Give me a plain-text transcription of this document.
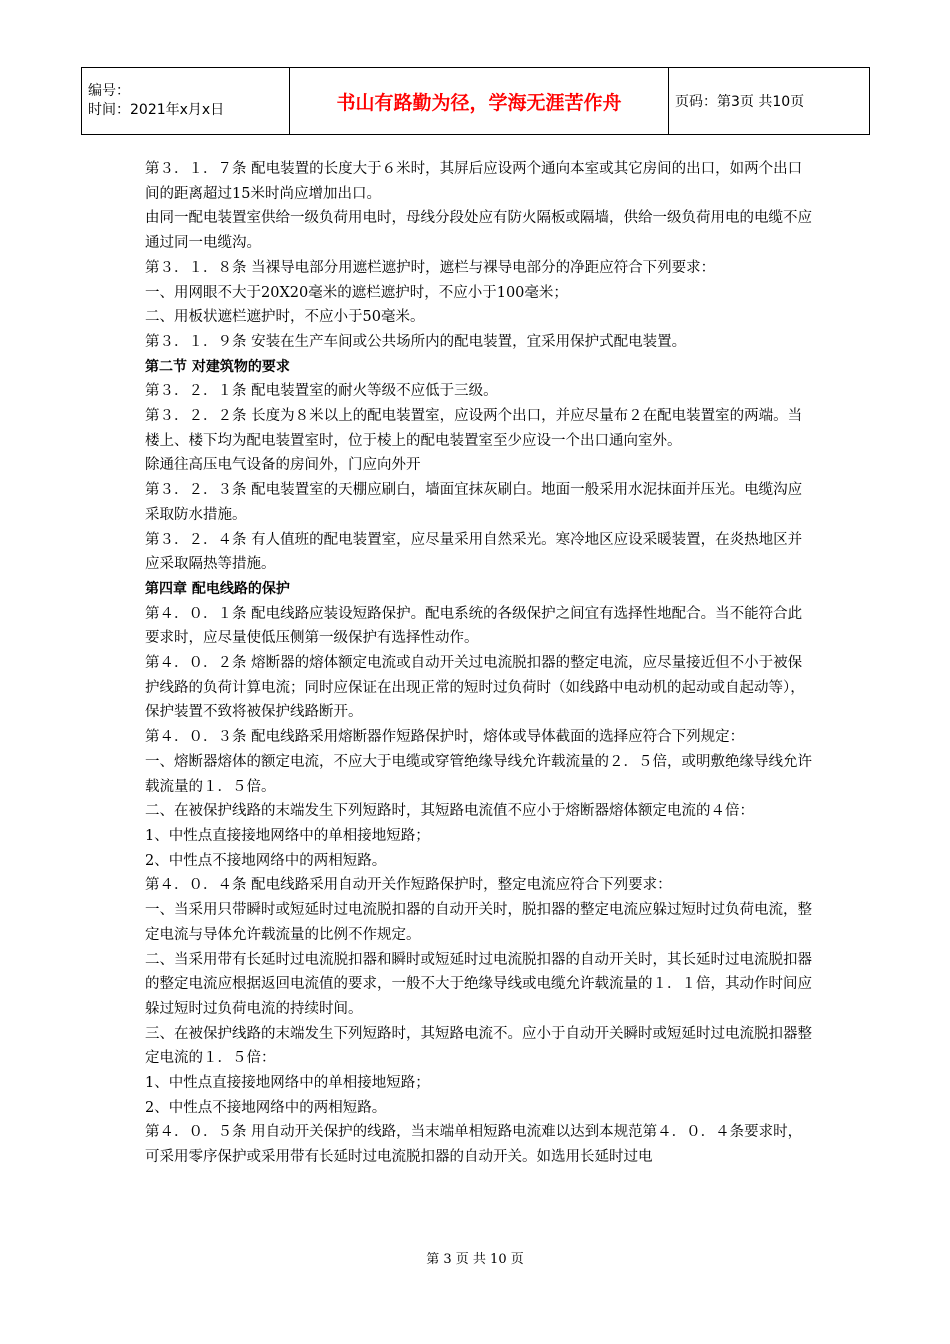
编号：
时间：2021年x月x日	书山有路勤为径，学海无涯苦作舟	页码：第3页 共10页

第３．１．７条 配电装置的长度大于６米时，其屏后应设两个通向本室或其它房间的出口，如两个出口间的距离超过15米时尚应增加出口。

由同一配电装置室供给一级负荷用电时，母线分段处应有防火隔板或隔墙，供给一级负荷用电的电缆不应通过同一电缆沟。

第３．１．８条 当裸导电部分用遮栏遮护时，遮栏与裸导电部分的净距应符合下列要求：

一、用网眼不大于20X20毫米的遮栏遮护时，不应小于100毫米；

二、用板状遮栏遮护时，不应小于50毫米。

第３．１．９条 安装在生产车间或公共场所内的配电装置，宜采用保护式配电装置。

第二节 对建筑物的要求

第３．２．１条 配电装置室的耐火等级不应低于三级。

第３．２．２条 长度为８米以上的配电装置室，应设两个出口，并应尽量布２在配电装置室的两端。当楼上、楼下均为配电装置室时，位于棱上的配电装置室至少应设一个出口通向室外。

除通往高压电气设备的房间外，门应向外开

第３．２．３条 配电装置室的天棚应刷白，墙面宜抹灰刷白。地面一般采用水泥抹面并压光。电缆沟应采取防水措施。

第３．２．４条 有人值班的配电装置室，应尽量采用自然采光。寒冷地区应设采暖装置，在炎热地区并应采取隔热等措施。

第四章 配电线路的保护

第４．０．１条 配电线路应装设短路保护。配电系统的各级保护之间宜有选择性地配合。当不能符合此要求时，应尽量使低压侧第一级保护有选择性动作。

第４．０．２条 熔断器的熔体额定电流或自动开关过电流脱扣器的整定电流，应尽量接近但不小于被保护线路的负荷计算电流；同时应保证在出现正常的短时过负荷时（如线路中电动机的起动或自起动等），保护装置不致将被保护线路断开。

第４．０．３条 配电线路采用熔断器作短路保护时，熔体或导体截面的选择应符合下列规定：

一、熔断器熔体的额定电流，不应大于电缆或穿管绝缘导线允许载流量的２．５倍，或明敷绝缘导线允许载流量的１．５倍。

二、在被保护线路的末端发生下列短路时，其短路电流值不应小于熔断器熔体额定电流的４倍：

1、中性点直接接地网络中的单相接地短路；

2、中性点不接地网络中的两相短路。

第４．０．４条 配电线路采用自动开关作短路保护时，整定电流应符合下列要求：

一、当采用只带瞬时或短延时过电流脱扣器的自动开关时，脱扣器的整定电流应躲过短时过负荷电流，整定电流与导体允许载流量的比例不作规定。

二、当采用带有长延时过电流脱扣器和瞬时或短延时过电流脱扣器的自动开关时，其长延时过电流脱扣器的整定电流应根据返回电流值的要求，一般不大于绝缘导线或电缆允许载流量的１．１倍，其动作时间应躲过短时过负荷电流的持续时间。

三、在被保护线路的末端发生下列短路时，其短路电流不。应小于自动开关瞬时或短延时过电流脱扣器整定电流的１．５倍：

1、中性点直接接地网络中的单相接地短路；

2、中性点不接地网络中的两相短路。

第４．０．５条 用自动开关保护的线路，当末端单相短路电流难以达到本规范第４．０．４条要求时，可采用零序保护或采用带有长延时过电流脱扣器的自动开关。如选用长延时过电

第 3 页 共 10 页
